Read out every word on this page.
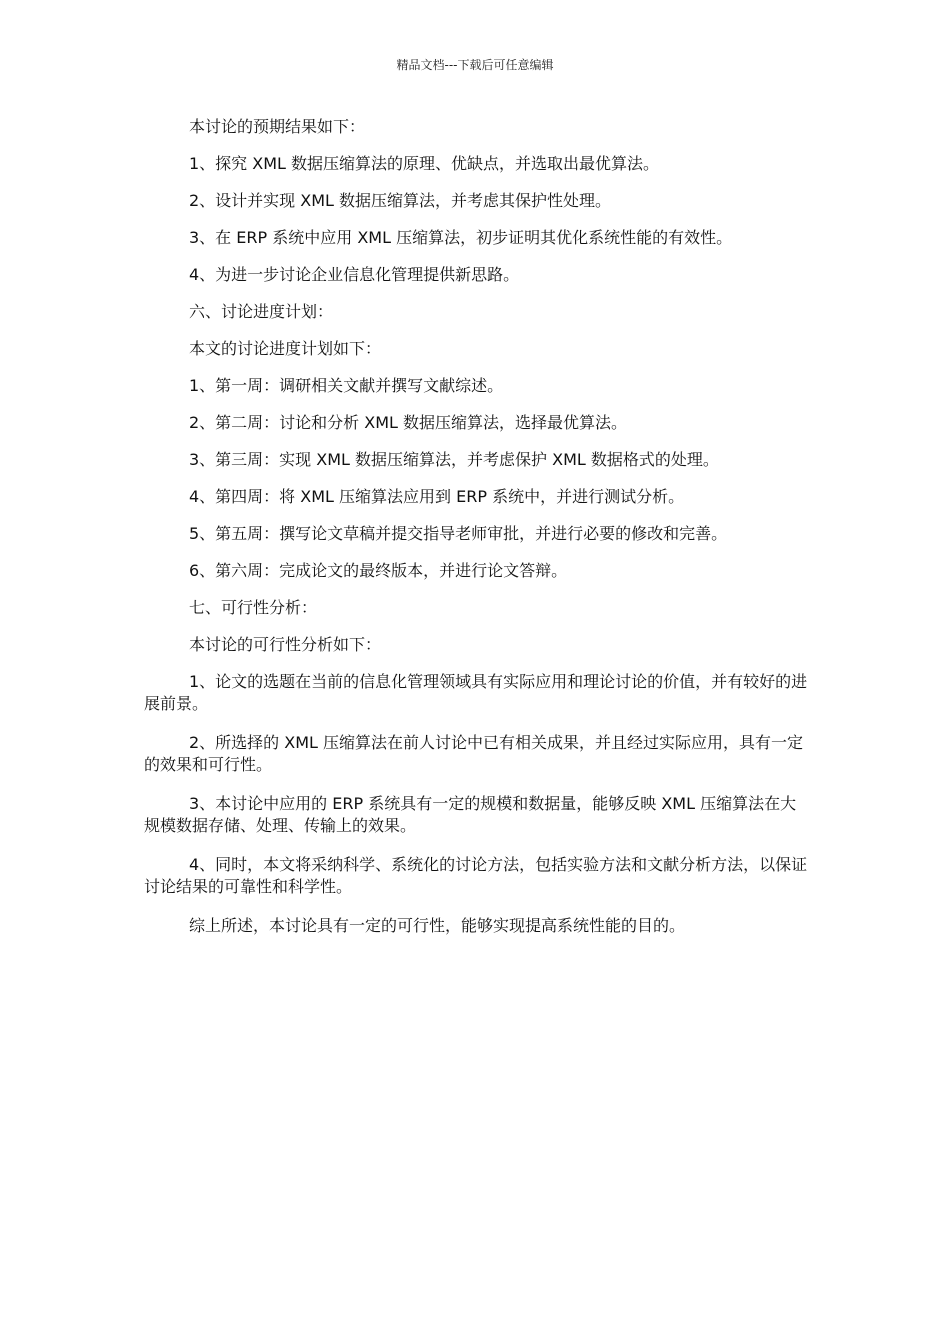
精品文档---下载后可任意编辑

本讨论的预期结果如下：

1、探究 XML 数据压缩算法的原理、优缺点，并选取出最优算法。

2、设计并实现 XML 数据压缩算法，并考虑其保护性处理。

3、在 ERP 系统中应用 XML 压缩算法，初步证明其优化系统性能的有效性。

4、为进一步讨论企业信息化管理提供新思路。

六、讨论进度计划：

本文的讨论进度计划如下：

1、第一周：调研相关文献并撰写文献综述。

2、第二周：讨论和分析 XML 数据压缩算法，选择最优算法。

3、第三周：实现 XML 数据压缩算法，并考虑保护 XML 数据格式的处理。

4、第四周：将 XML 压缩算法应用到 ERP 系统中，并进行测试分析。

5、第五周：撰写论文草稿并提交指导老师审批，并进行必要的修改和完善。

6、第六周：完成论文的最终版本，并进行论文答辩。

七、可行性分析：

本讨论的可行性分析如下：

1、论文的选题在当前的信息化管理领域具有实际应用和理论讨论的价值，并有较好的进展前景。

2、所选择的 XML 压缩算法在前人讨论中已有相关成果，并且经过实际应用，具有一定的效果和可行性。

3、本讨论中应用的 ERP 系统具有一定的规模和数据量，能够反映 XML 压缩算法在大规模数据存储、处理、传输上的效果。

4、同时，本文将采纳科学、系统化的讨论方法，包括实验方法和文献分析方法，以保证讨论结果的可靠性和科学性。

综上所述，本讨论具有一定的可行性，能够实现提高系统性能的目的。
